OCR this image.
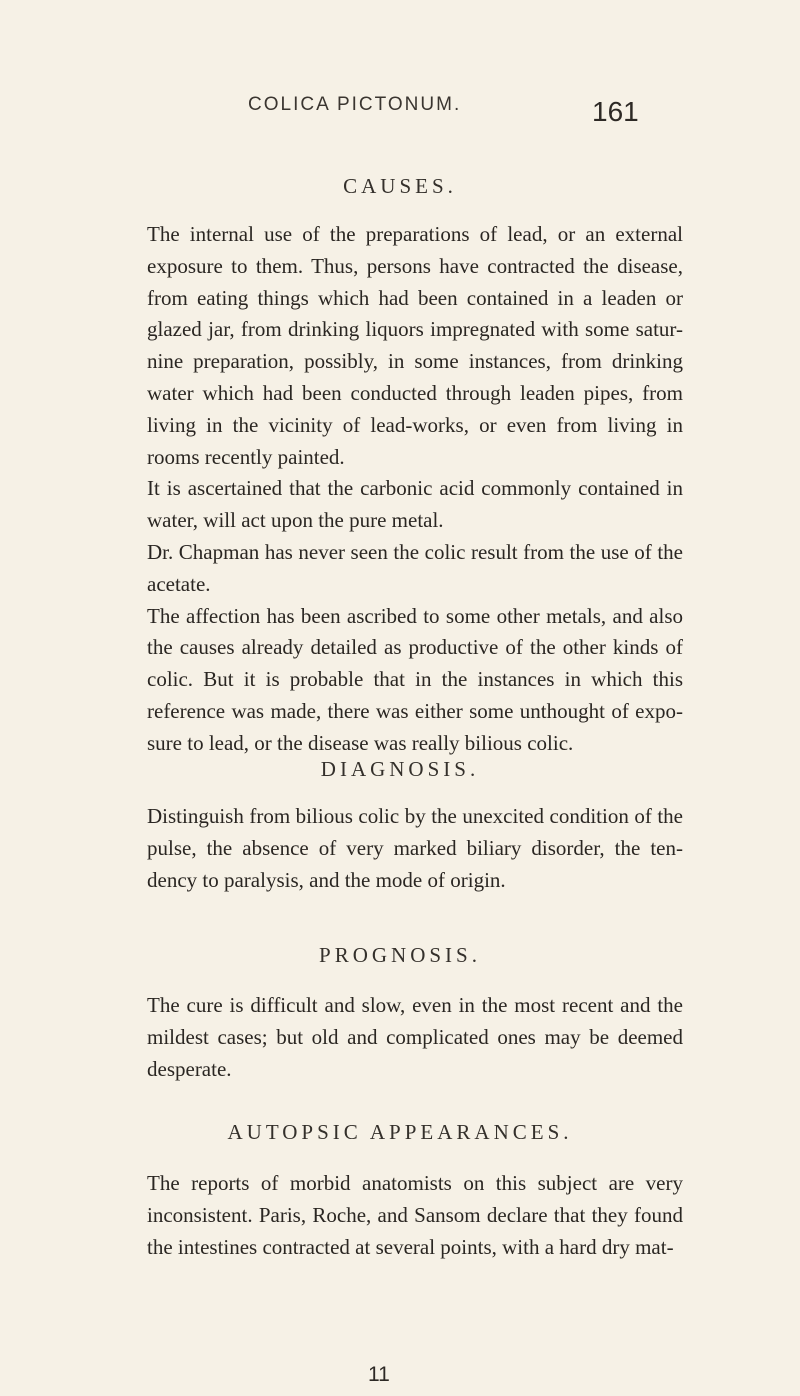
COLICA PICTONUM.	161
CAUSES.

The internal use of the preparations of lead, or an external exposure to them. Thus, persons have contracted the disease, from eating things which had been contained in a leaden or glazed jar, from drinking liquors impregnated with some satur-nine preparation, possibly, in some instances, from drinking water which had been conducted through leaden pipes, from living in the vicinity of lead-works, or even from living in rooms recently painted.

It is ascertained that the carbonic acid commonly contained in water, will act upon the pure metal.

Dr. Chapman has never seen the colic result from the use of the acetate.

The affection has been ascribed to some other metals, and also the causes already detailed as productive of the other kinds of colic. But it is probable that in the instances in which this reference was made, there was either some unthought of expo-sure to lead, or the disease was really bilious colic.

DIAGNOSIS.

Distinguish from bilious colic by the unexcited condition of the pulse, the absence of very marked biliary disorder, the ten-dency to paralysis, and the mode of origin.

PROGNOSIS.

The cure is difficult and slow, even in the most recent and the mildest cases; but old and complicated ones may be deemed desperate.

AUTOPSIC APPEARANCES.

The reports of morbid anatomists on this subject are very inconsistent. Paris, Roche, and Sansom declare that they found the intestines contracted at several points, with a hard dry mat-

11
